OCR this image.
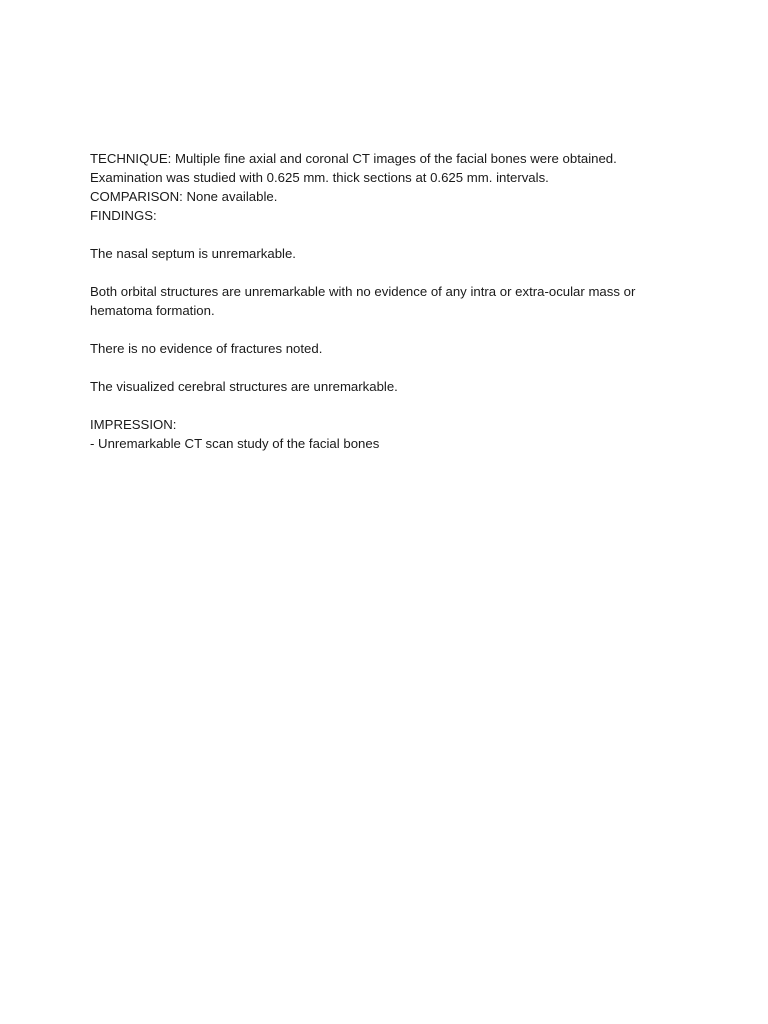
TECHNIQUE: Multiple fine axial and coronal CT images of the facial bones were obtained.

Examination was studied with 0.625 mm. thick sections at 0.625 mm. intervals.

COMPARISON: None available.

FINDINGS:

The nasal septum is unremarkable.

Both orbital structures are unremarkable with no evidence of any intra or extra-ocular mass or

hematoma formation.

There is no evidence of fractures noted.

The visualized cerebral structures are unremarkable.

IMPRESSION:

- Unremarkable CT scan study of the facial bones
